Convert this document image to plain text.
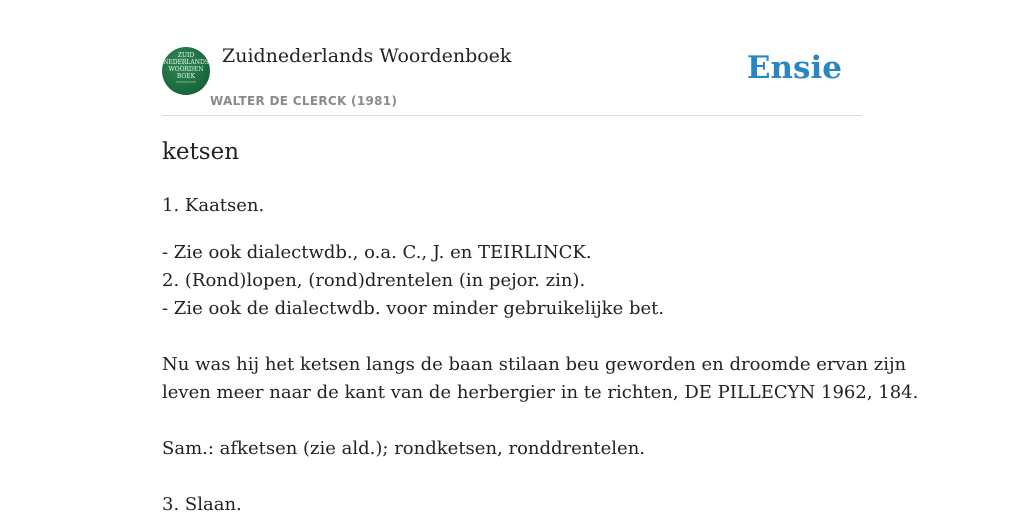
ZUID
NEDERLANDS
WOORDEN
BOEK
Zuidnederlands Woordenboek
WALTER DE CLERCK (1981)
Ensie
ketsen

1. Kaatsen.

- Zie ook dialectwdb., o.a. C., J. en TEIRLINCK.
2. (Rond)lopen, (rond)drentelen (in pejor. zin).
- Zie ook de dialectwdb. voor minder gebruikelijke bet.

Nu was hij het ketsen langs de baan stilaan beu geworden en droomde ervan zijn
leven meer naar de kant van de herbergier in te richten, DE PILLECYN 1962, 184.

Sam.: afketsen (zie ald.); rondketsen, ronddrentelen.

3. Slaan.
